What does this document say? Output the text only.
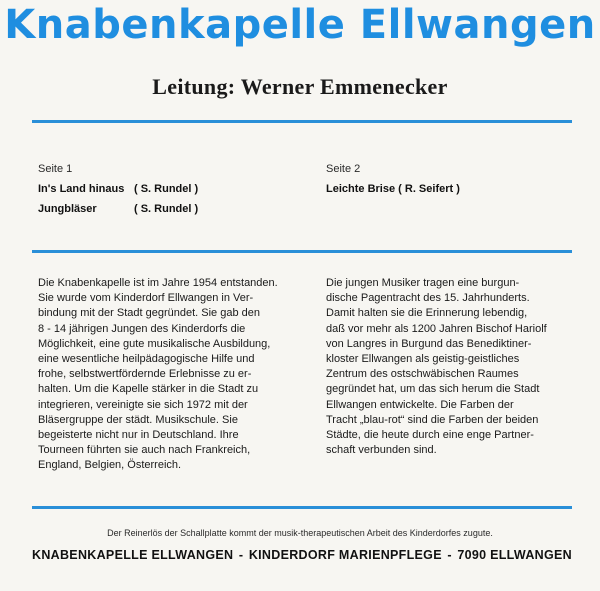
Knabenkapelle Ellwangen
Leitung: Werner Emmenecker
Seite 1
In's Land hinaus ( S. Rundel )
Jungbläser	( S. Rundel )
Seite 2
Leichte Brise ( R. Seifert )
Die Knabenkapelle ist im Jahre 1954 entstanden.
Sie wurde vom Kinderdorf Ellwangen in Ver-
bindung mit der Stadt gegründet. Sie gab den
8 - 14 jährigen Jungen des Kinderdorfs die
Möglichkeit, eine gute musikalische Ausbildung,
eine wesentliche heilpädagogische Hilfe und
frohe, selbstwertfördernde Erlebnisse zu er-
halten. Um die Kapelle stärker in die Stadt zu
integrieren, vereinigte sie sich 1972 mit der
Bläsergruppe der städt. Musikschule. Sie
begeisterte nicht nur in Deutschland. Ihre
Tourneen führten sie auch nach Frankreich,
England, Belgien, Österreich.
Die jungen Musiker tragen eine burgun-
dische Pagentracht des 15. Jahrhunderts.
Damit halten sie die Erinnerung lebendig,
daß vor mehr als 1200 Jahren Bischof Hariolf
von Langres in Burgund das Benediktiner-
kloster Ellwangen als geistig-geistliches
Zentrum des ostschwäbischen Raumes
gegründet hat, um das sich herum die Stadt
Ellwangen entwickelte. Die Farben der
Tracht „blau-rot“ sind die Farben der beiden
Städte, die heute durch eine enge Partner-
schaft verbunden sind.
Der Reinerlös der Schallplatte kommt der musik-therapeutischen Arbeit des Kinderdorfes zugute.
KNABENKAPELLE ELLWANGEN - KINDERDORF MARIENPFLEGE - 7090 ELLWANGEN
